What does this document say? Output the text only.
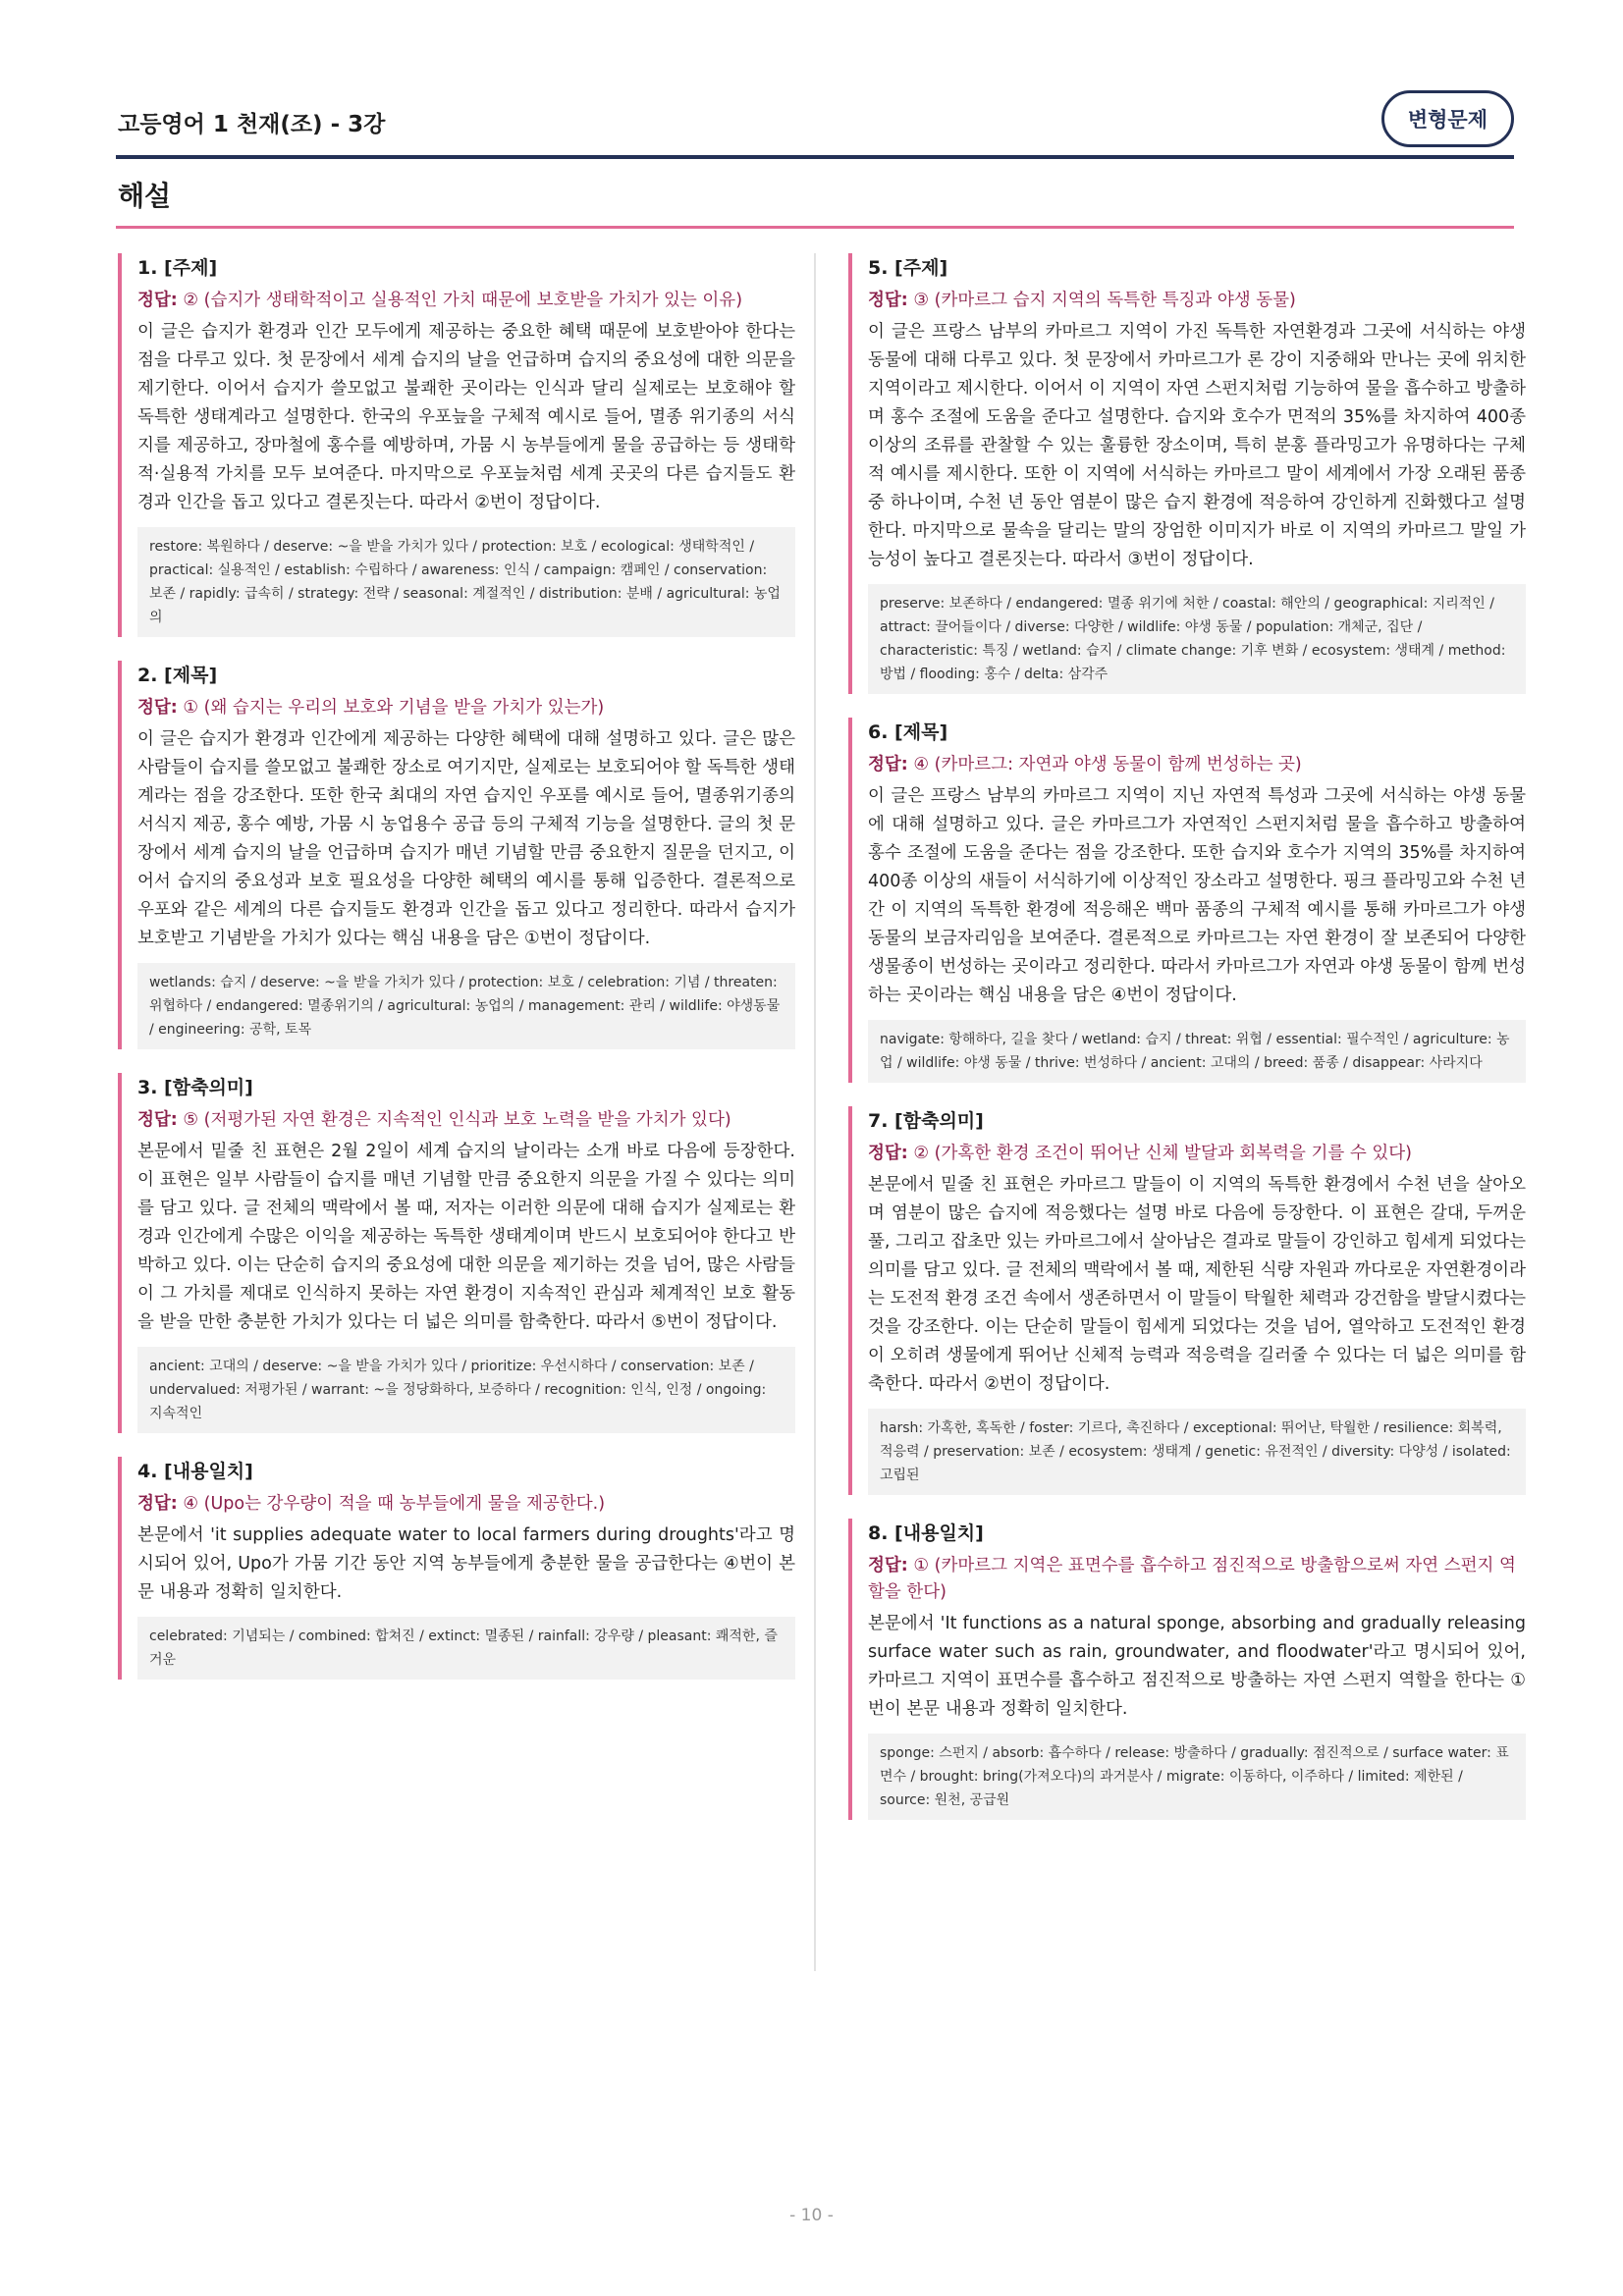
고등영어 1 천재(조) - 3강	변형문제
해설
1. [주제]
정답: ② (습지가 생태학적이고 실용적인 가치 때문에 보호받을 가치가 있는 이유)
이 글은 습지가 환경과 인간 모두에게 제공하는 중요한 혜택 때문에 보호받아야 한다는 점을 다루고 있다. 첫 문장에서 세계 습지의 날을 언급하며 습지의 중요성에 대한 의문을 제기한다. 이어서 습지가 쓸모없고 불쾌한 곳이라는 인식과 달리 실제로는 보호해야 할 독특한 생태계라고 설명한다. 한국의 우포늪을 구체적 예시로 들어, 멸종 위기종의 서식지를 제공하고, 장마철에 홍수를 예방하며, 가뭄 시 농부들에게 물을 공급하는 등 생태학적·실용적 가치를 모두 보여준다. 마지막으로 우포늪처럼 세계 곳곳의 다른 습지들도 환경과 인간을 돕고 있다고 결론짓는다. 따라서 ②번이 정답이다.
restore: 복원하다 / deserve: ~을 받을 가치가 있다 / protection: 보호 / ecological: 생태학적인 / practical: 실용적인 / establish: 수립하다 / awareness: 인식 / campaign: 캠페인 / conservation: 보존 / rapidly: 급속히 / strategy: 전략 / seasonal: 계절적인 / distribution: 분배 / agricultural: 농업의
2. [제목]
정답: ① (왜 습지는 우리의 보호와 기념을 받을 가치가 있는가)
이 글은 습지가 환경과 인간에게 제공하는 다양한 혜택에 대해 설명하고 있다. 글은 많은 사람들이 습지를 쓸모없고 불쾌한 장소로 여기지만, 실제로는 보호되어야 할 독특한 생태계라는 점을 강조한다. 또한 한국 최대의 자연 습지인 우포를 예시로 들어, 멸종위기종의 서식지 제공, 홍수 예방, 가뭄 시 농업용수 공급 등의 구체적 기능을 설명한다. 글의 첫 문장에서 세계 습지의 날을 언급하며 습지가 매년 기념할 만큼 중요한지 질문을 던지고, 이어서 습지의 중요성과 보호 필요성을 다양한 혜택의 예시를 통해 입증한다. 결론적으로 우포와 같은 세계의 다른 습지들도 환경과 인간을 돕고 있다고 정리한다. 따라서 습지가 보호받고 기념받을 가치가 있다는 핵심 내용을 담은 ①번이 정답이다.
wetlands: 습지 / deserve: ~을 받을 가치가 있다 / protection: 보호 / celebration: 기념 / threaten: 위협하다 / endangered: 멸종위기의 / agricultural: 농업의 / management: 관리 / wildlife: 야생동물 / engineering: 공학, 토목
3. [함축의미]
정답: ⑤ (저평가된 자연 환경은 지속적인 인식과 보호 노력을 받을 가치가 있다)
본문에서 밑줄 친 표현은 2월 2일이 세계 습지의 날이라는 소개 바로 다음에 등장한다. 이 표현은 일부 사람들이 습지를 매년 기념할 만큼 중요한지 의문을 가질 수 있다는 의미를 담고 있다. 글 전체의 맥락에서 볼 때, 저자는 이러한 의문에 대해 습지가 실제로는 환경과 인간에게 수많은 이익을 제공하는 독특한 생태계이며 반드시 보호되어야 한다고 반박하고 있다. 이는 단순히 습지의 중요성에 대한 의문을 제기하는 것을 넘어, 많은 사람들이 그 가치를 제대로 인식하지 못하는 자연 환경이 지속적인 관심과 체계적인 보호 활동을 받을 만한 충분한 가치가 있다는 더 넓은 의미를 함축한다. 따라서 ⑤번이 정답이다.
ancient: 고대의 / deserve: ~을 받을 가치가 있다 / prioritize: 우선시하다 / conservation: 보존 / undervalued: 저평가된 / warrant: ~을 정당화하다, 보증하다 / recognition: 인식, 인정 / ongoing: 지속적인
4. [내용일치]
정답: ④ (Upo는 강우량이 적을 때 농부들에게 물을 제공한다.)
본문에서 'it supplies adequate water to local farmers during droughts'라고 명시되어 있어, Upo가 가뭄 기간 동안 지역 농부들에게 충분한 물을 공급한다는 ④번이 본문 내용과 정확히 일치한다.
celebrated: 기념되는 / combined: 합쳐진 / extinct: 멸종된 / rainfall: 강우량 / pleasant: 쾌적한, 즐거운
5. [주제]
정답: ③ (카마르그 습지 지역의 독특한 특징과 야생 동물)
이 글은 프랑스 남부의 카마르그 지역이 가진 독특한 자연환경과 그곳에 서식하는 야생 동물에 대해 다루고 있다. 첫 문장에서 카마르그가 론 강이 지중해와 만나는 곳에 위치한 지역이라고 제시한다. 이어서 이 지역이 자연 스펀지처럼 기능하여 물을 흡수하고 방출하며 홍수 조절에 도움을 준다고 설명한다. 습지와 호수가 면적의 35%를 차지하여 400종 이상의 조류를 관찰할 수 있는 훌륭한 장소이며, 특히 분홍 플라밍고가 유명하다는 구체적 예시를 제시한다. 또한 이 지역에 서식하는 카마르그 말이 세계에서 가장 오래된 품종 중 하나이며, 수천 년 동안 염분이 많은 습지 환경에 적응하여 강인하게 진화했다고 설명한다. 마지막으로 물속을 달리는 말의 장엄한 이미지가 바로 이 지역의 카마르그 말일 가능성이 높다고 결론짓는다. 따라서 ③번이 정답이다.
preserve: 보존하다 / endangered: 멸종 위기에 처한 / coastal: 해안의 / geographical: 지리적인 / attract: 끌어들이다 / diverse: 다양한 / wildlife: 야생 동물 / population: 개체군, 집단 / characteristic: 특징 / wetland: 습지 / climate change: 기후 변화 / ecosystem: 생태계 / method: 방법 / flooding: 홍수 / delta: 삼각주
6. [제목]
정답: ④ (카마르그: 자연과 야생 동물이 함께 번성하는 곳)
이 글은 프랑스 남부의 카마르그 지역이 지닌 자연적 특성과 그곳에 서식하는 야생 동물에 대해 설명하고 있다. 글은 카마르그가 자연적인 스펀지처럼 물을 흡수하고 방출하여 홍수 조절에 도움을 준다는 점을 강조한다. 또한 습지와 호수가 지역의 35%를 차지하여 400종 이상의 새들이 서식하기에 이상적인 장소라고 설명한다. 핑크 플라밍고와 수천 년간 이 지역의 독특한 환경에 적응해온 백마 품종의 구체적 예시를 통해 카마르그가 야생 동물의 보금자리임을 보여준다. 결론적으로 카마르그는 자연 환경이 잘 보존되어 다양한 생물종이 번성하는 곳이라고 정리한다. 따라서 카마르그가 자연과 야생 동물이 함께 번성하는 곳이라는 핵심 내용을 담은 ④번이 정답이다.
navigate: 항해하다, 길을 찾다 / wetland: 습지 / threat: 위협 / essential: 필수적인 / agriculture: 농업 / wildlife: 야생 동물 / thrive: 번성하다 / ancient: 고대의 / breed: 품종 / disappear: 사라지다
7. [함축의미]
정답: ② (가혹한 환경 조건이 뛰어난 신체 발달과 회복력을 기를 수 있다)
본문에서 밑줄 친 표현은 카마르그 말들이 이 지역의 독특한 환경에서 수천 년을 살아오며 염분이 많은 습지에 적응했다는 설명 바로 다음에 등장한다. 이 표현은 갈대, 두꺼운 풀, 그리고 잡초만 있는 카마르그에서 살아남은 결과로 말들이 강인하고 힘세게 되었다는 의미를 담고 있다. 글 전체의 맥락에서 볼 때, 제한된 식량 자원과 까다로운 자연환경이라는 도전적 환경 조건 속에서 생존하면서 이 말들이 탁월한 체력과 강건함을 발달시켰다는 것을 강조한다. 이는 단순히 말들이 힘세게 되었다는 것을 넘어, 열악하고 도전적인 환경이 오히려 생물에게 뛰어난 신체적 능력과 적응력을 길러줄 수 있다는 더 넓은 의미를 함축한다. 따라서 ②번이 정답이다.
harsh: 가혹한, 혹독한 / foster: 기르다, 촉진하다 / exceptional: 뛰어난, 탁월한 / resilience: 회복력, 적응력 / preservation: 보존 / ecosystem: 생태계 / genetic: 유전적인 / diversity: 다양성 / isolated: 고립된
8. [내용일치]
정답: ① (카마르그 지역은 표면수를 흡수하고 점진적으로 방출함으로써 자연 스펀지 역할을 한다)
본문에서 'It functions as a natural sponge, absorbing and gradually releasing surface water such as rain, groundwater, and floodwater'라고 명시되어 있어, 카마르그 지역이 표면수를 흡수하고 점진적으로 방출하는 자연 스펀지 역할을 한다는 ①번이 본문 내용과 정확히 일치한다.
sponge: 스펀지 / absorb: 흡수하다 / release: 방출하다 / gradually: 점진적으로 / surface water: 표면수 / brought: bring(가져오다)의 과거분사 / migrate: 이동하다, 이주하다 / limited: 제한된 / source: 원천, 공급원
- 10 -
